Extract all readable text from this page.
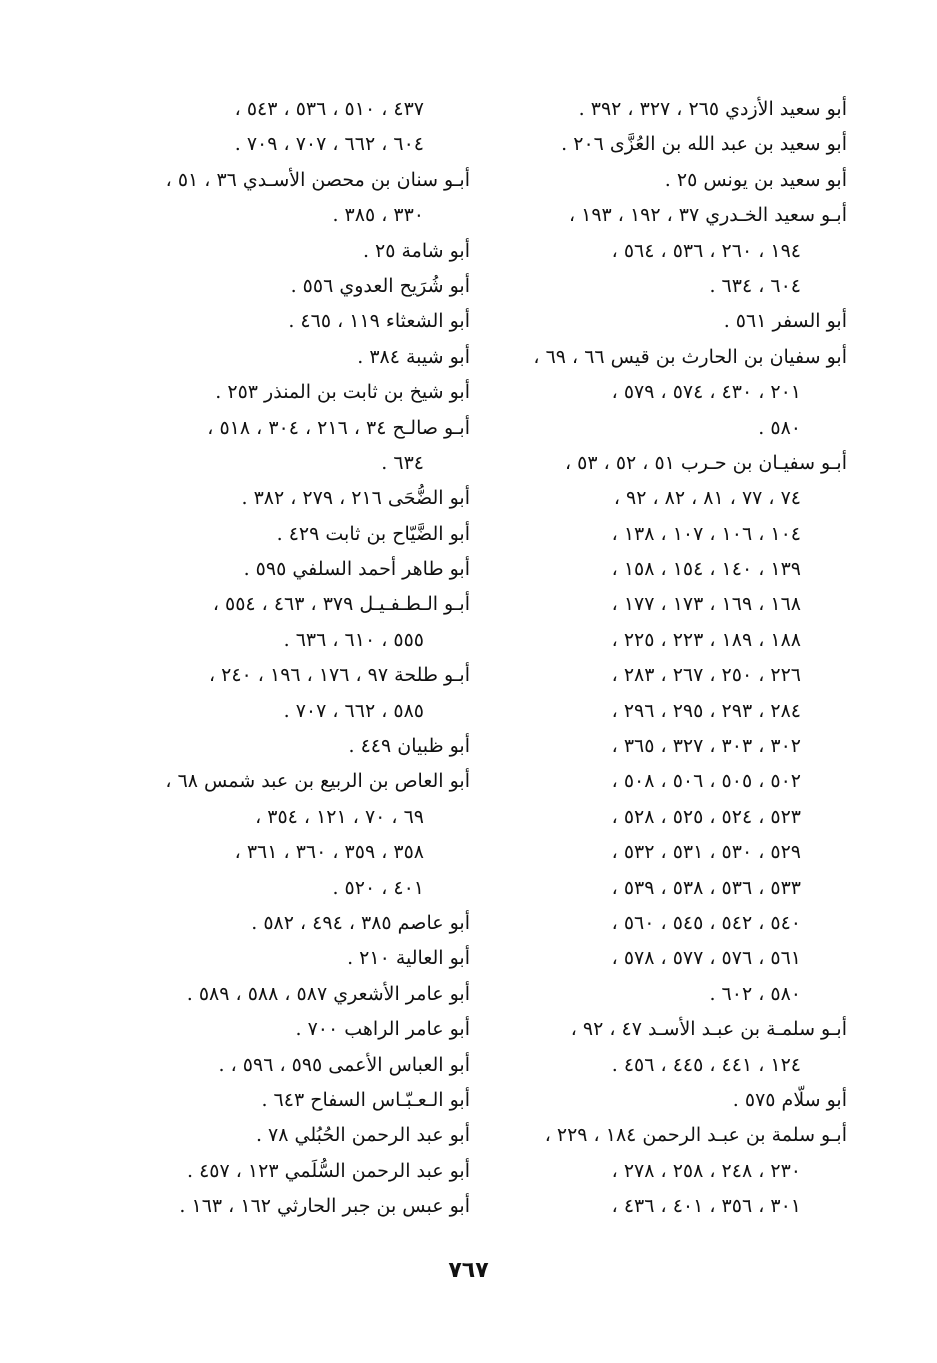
أبو سعيد الأزدي ٢٦٥ ، ٣٢٧ ، ٣٩٢ .
أبو سعيد بن عبد الله بن العُزَّى ٢٠٦ .
أبو سعيد بن يونس ٢٥ .
أبـو سعيد الخـدري ٣٧ ، ١٩٢ ، ١٩٣ ،
١٩٤ ، ٢٦٠ ، ٥٣٦ ، ٥٦٤ ،
٦٠٤ ، ٦٣٤ .
أبو السفر ٥٦١ .
أبو سفيان بن الحارث بن قيس ٦٦ ، ٦٩ ،
٢٠١ ، ٤٣٠ ، ٥٧٤ ، ٥٧٩ ،
٥٨٠ .
أبـو سفيـان بن حـرب ٥١ ، ٥٢ ، ٥٣ ،
٧٤ ، ٧٧ ، ٨١ ، ٨٢ ، ٩٢ ،
١٠٤ ، ١٠٦ ، ١٠٧ ، ١٣٨ ،
١٣٩ ، ١٤٠ ، ١٥٤ ، ١٥٨ ،
١٦٨ ، ١٦٩ ، ١٧٣ ، ١٧٧ ،
١٨٨ ، ١٨٩ ، ٢٢٣ ، ٢٢٥ ،
٢٢٦ ، ٢٥٠ ، ٢٦٧ ، ٢٨٣ ،
٢٨٤ ، ٢٩٣ ، ٢٩٥ ، ٢٩٦ ،
٣٠٢ ، ٣٠٣ ، ٣٢٧ ، ٣٦٥ ،
٥٠٢ ، ٥٠٥ ، ٥٠٦ ، ٥٠٨ ،
٥٢٣ ، ٥٢٤ ، ٥٢٥ ، ٥٢٨ ،
٥٢٩ ، ٥٣٠ ، ٥٣١ ، ٥٣٢ ،
٥٣٣ ، ٥٣٦ ، ٥٣٨ ، ٥٣٩ ،
٥٤٠ ، ٥٤٢ ، ٥٤٥ ، ٥٦٠ ،
٥٦١ ، ٥٧٦ ، ٥٧٧ ، ٥٧٨ ،
٥٨٠ ، ٦٠٢ .
أبـو سلمـة بن عبـد الأسـد ٤٧ ، ٩٢ ،
١٢٤ ، ٤٤١ ، ٤٤٥ ، ٤٥٦ .
أبو سلّام ٥٧٥ .
أبـو سلمة بن عبـد الرحمن ١٨٤ ، ٢٢٩ ،
٢٣٠ ، ٢٤٨ ، ٢٥٨ ، ٢٧٨ ،
٣٠١ ، ٣٥٦ ، ٤٠١ ، ٤٣٦ ،
٤٣٧ ، ٥١٠ ، ٥٣٦ ، ٥٤٣ ،
٦٠٤ ، ٦٦٢ ، ٧٠٧ ، ٧٠٩ .
أبـو سنان بن محصن الأسـدي ٣٦ ، ٥١ ،
٣٣٠ ، ٣٨٥ .
أبو شامة ٢٥ .
أبو شُرَيح العدوي ٥٥٦ .
أبو الشعثاء ١١٩ ، ٤٦٥ .
أبو شيبة ٣٨٤ .
أبو شيخ بن ثابت بن المنذر ٢٥٣ .
أبـو صالـح ٣٤ ، ٢١٦ ، ٣٠٤ ، ٥١٨ ،
٦٣٤ .
أبو الضُّحَى ٢١٦ ، ٢٧٩ ، ٣٨٢ .
أبو الضَّيّاح بن ثابت ٤٢٩ .
أبو طاهر أحمد السلفي ٥٩٥ .
أبـو الـطـفـيـل ٣٧٩ ، ٤٦٣ ، ٥٥٤ ،
٥٥٥ ، ٦١٠ ، ٦٣٦ .
أبـو طلحة ٩٧ ، ١٧٦ ، ١٩٦ ، ٢٤٠ ،
٥٨٥ ، ٦٦٢ ، ٧٠٧ .
أبو ظبيان ٤٤٩ .
أبو العاص بن الربيع بن عبد شمس ٦٨ ،
٦٩ ، ٧٠ ، ١٢١ ، ٣٥٤ ،
٣٥٨ ، ٣٥٩ ، ٣٦٠ ، ٣٦١ ،
٤٠١ ، ٥٢٠ .
أبو عاصم ٣٨٥ ، ٤٩٤ ، ٥٨٢ .
أبو العالية ٢١٠ .
أبو عامر الأشعري ٥٨٧ ، ٥٨٨ ، ٥٨٩ .
أبو عامر الراهب ٧٠٠ .
أبو العباس الأعمى ٥٩٥ ، ٥٩٦ ، .
أبو الـعـبّـاس السفاح ٦٤٣ .
أبو عبد الرحمن الحُبُلي ٧٨ .
أبو عبد الرحمن السُّلَمي ١٢٣ ، ٤٥٧ .
أبو عبس بن جبر الحارثي ١٦٢ ، ١٦٣ .
٧٦٧
